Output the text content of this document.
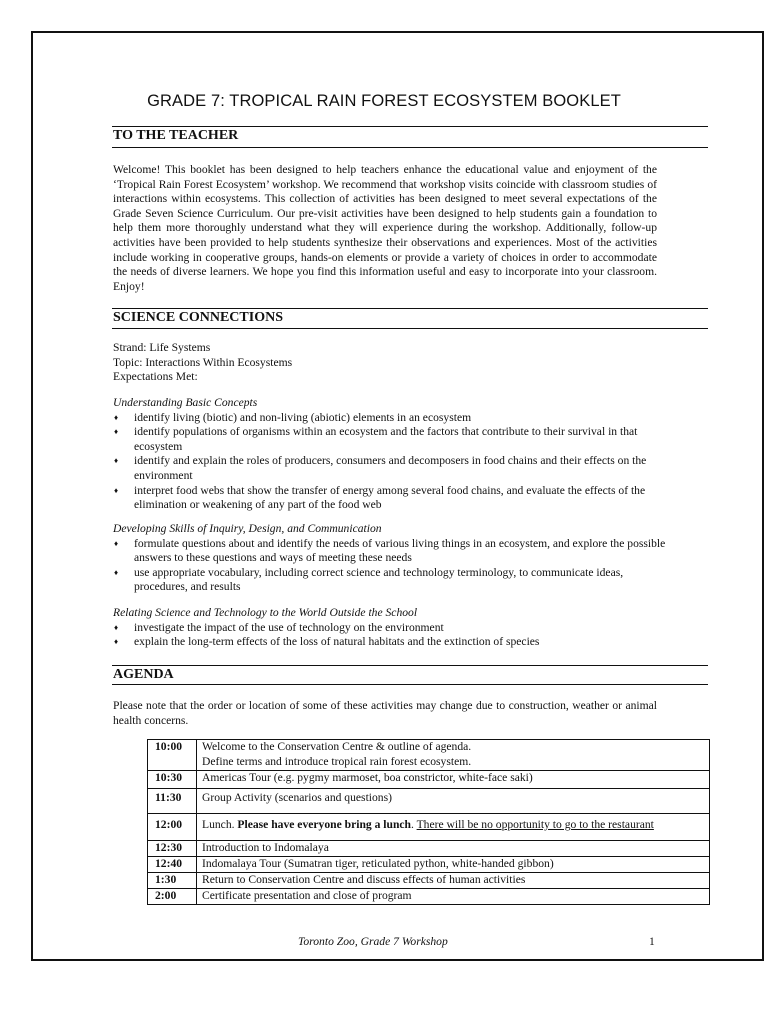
GRADE 7: TROPICAL RAIN FOREST ECOSYSTEM BOOKLET
TO THE TEACHER
Welcome! This booklet has been designed to help teachers enhance the educational value and enjoyment of the ‘Tropical Rain Forest Ecosystem’ workshop. We recommend that workshop visits coincide with classroom studies of interactions within ecosystems. This collection of activities has been designed to meet several expectations of the Grade Seven Science Curriculum. Our pre-visit activities have been designed to help students gain a foundation to help them more thoroughly understand what they will experience during the workshop. Additionally, follow-up activities have been provided to help students synthesize their observations and experiences. Most of the activities include working in cooperative groups, hands-on elements or provide a variety of choices in order to accommodate the needs of diverse learners. We hope you find this information useful and easy to incorporate into your classroom. Enjoy!
SCIENCE CONNECTIONS
Strand: Life Systems
Topic: Interactions Within Ecosystems
Expectations Met:
Understanding Basic Concepts
♦ identify living (biotic) and non-living (abiotic) elements in an ecosystem
♦ identify populations of organisms within an ecosystem and the factors that contribute to their survival in that ecosystem
♦ identify and explain the roles of producers, consumers and decomposers in food chains and their effects on the environment
♦ interpret food webs that show the transfer of energy among several food chains, and evaluate the effects of the elimination or weakening of any part of the food web
Developing Skills of Inquiry, Design, and Communication
♦ formulate questions about and identify the needs of various living things in an ecosystem, and explore the possible answers to these questions and ways of meeting these needs
♦ use appropriate vocabulary, including correct science and technology terminology, to communicate ideas, procedures, and results
Relating Science and Technology to the World Outside the School
♦ investigate the impact of the use of technology on the environment
♦ explain the long-term effects of the loss of natural habitats and the extinction of species
AGENDA
Please note that the order or location of some of these activities may change due to construction, weather or animal health concerns.
10:00	Welcome to the Conservation Centre & outline of agenda.
Define terms and introduce tropical rain forest ecosystem.

10:30	Americas Tour (e.g. pygmy marmoset, boa constrictor, white-face saki)
11:30	Group Activity (scenarios and questions)
12:00	Lunch. Please have everyone bring a lunch. There will be no opportunity to go to the restaurant
12:30	Introduction to Indomalaya
12:40	Indomalaya Tour (Sumatran tiger, reticulated python, white-handed gibbon)
1:30	Return to Conservation Centre and discuss effects of human activities
2:00	Certificate presentation and close of program
Toronto Zoo, Grade 7 Workshop	1
